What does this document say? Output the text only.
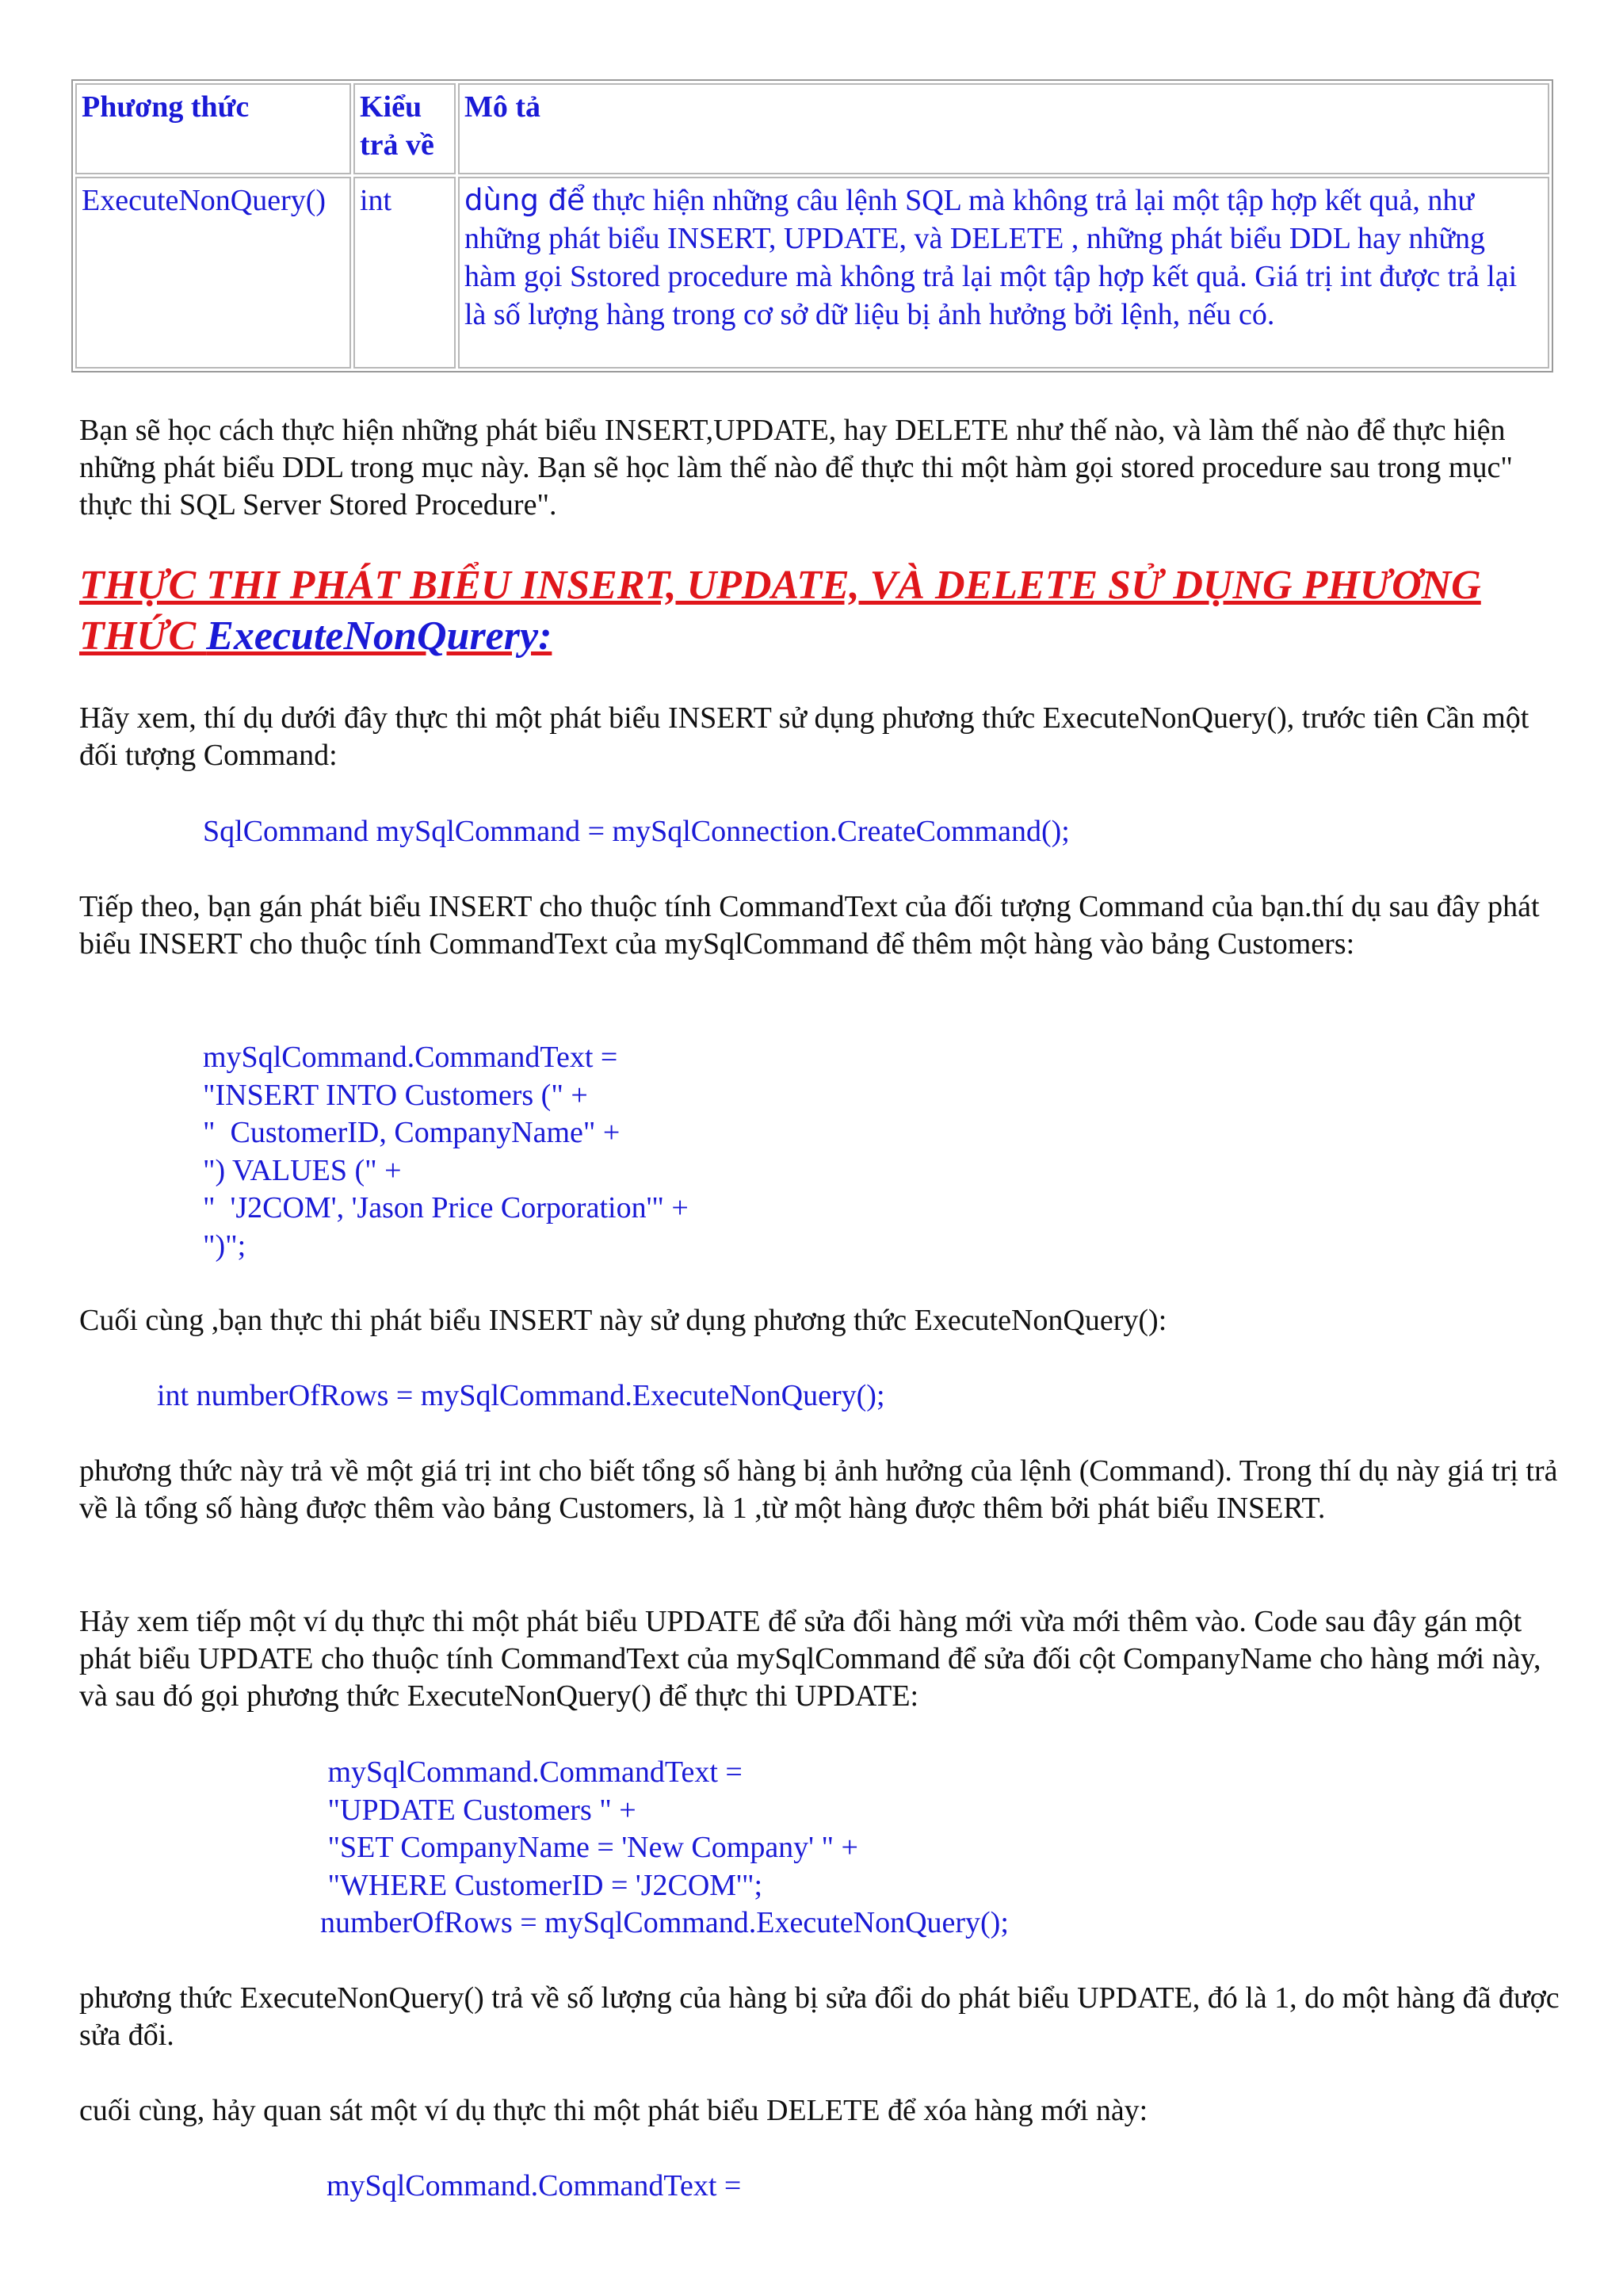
Phương thức	Kiểu trả về	Mô tả
ExecuteNonQuery()	int	dùng để thực hiện những câu lệnh SQL mà không trả lại một tập hợp kết quả, như những phát biểu INSERT, UPDATE, và DELETE , những phát biểu DDL hay những hàm gọi Sstored procedure mà không trả lại một tập hợp kết quả. Giá trị int được trả lại là số lượng hàng trong cơ sở dữ liệu bị ảnh hưởng bởi lệnh, nếu có.

Bạn sẽ học cách thực hiện những phát biểu INSERT,UPDATE, hay DELETE như thế nào, và làm thế nào để thực hiện những phát biểu DDL trong mục này. Bạn sẽ học làm thế nào để thực thi một hàm gọi stored procedure sau trong mục" thực thi SQL Server Stored Procedure".

THỰC THI PHÁT BIỂU INSERT, UPDATE, VÀ DELETE SỬ DỤNG PHƯƠNG THỨC ExecuteNonQurery:

Hãy xem, thí dụ dưới đây thực thi một phát biểu INSERT sử dụng phương thức ExecuteNonQuery(), trước tiên Cần một đối tượng Command:

SqlCommand mySqlCommand = mySqlConnection.CreateCommand();

Tiếp theo, bạn gán phát biểu INSERT cho thuộc tính CommandText của đối tượng Command của bạn.thí dụ sau đây phát biểu INSERT cho thuộc tính CommandText của mySqlCommand để thêm một hàng vào bảng Customers:

mySqlCommand.CommandText =
"INSERT INTO Customers (" +
"  CustomerID, CompanyName" +
") VALUES (" +
"  'J2COM', 'Jason Price Corporation'" +
")";

Cuối cùng ,bạn thực thi phát biểu INSERT này sử dụng phương thức ExecuteNonQuery():

int numberOfRows = mySqlCommand.ExecuteNonQuery();

phương thức này trả về một giá trị int cho biết tổng số hàng bị ảnh hưởng của lệnh (Command). Trong thí dụ này giá trị trả về là tổng số hàng được thêm vào bảng Customers, là 1 ,từ một hàng được thêm bởi phát biểu INSERT.

Hảy xem tiếp một ví dụ thực thi một phát biểu UPDATE để sửa đổi hàng mới vừa mới thêm vào. Code sau đây gán một phát biểu UPDATE cho thuộc tính CommandText của mySqlCommand để sửa đối cột CompanyName cho hàng mới này, và sau đó gọi phương thức ExecuteNonQuery() để thực thi UPDATE:

mySqlCommand.CommandText =
"UPDATE Customers " +
"SET CompanyName = 'New Company' " +
"WHERE CustomerID = 'J2COM'";
numberOfRows = mySqlCommand.ExecuteNonQuery();

phương thức ExecuteNonQuery() trả về số lượng của hàng bị sửa đổi do phát biểu UPDATE, đó là 1, do một hàng đã được sửa đổi.

cuối cùng, hảy quan sát một ví dụ thực thi một phát biểu DELETE để xóa hàng mới này:

mySqlCommand.CommandText =
